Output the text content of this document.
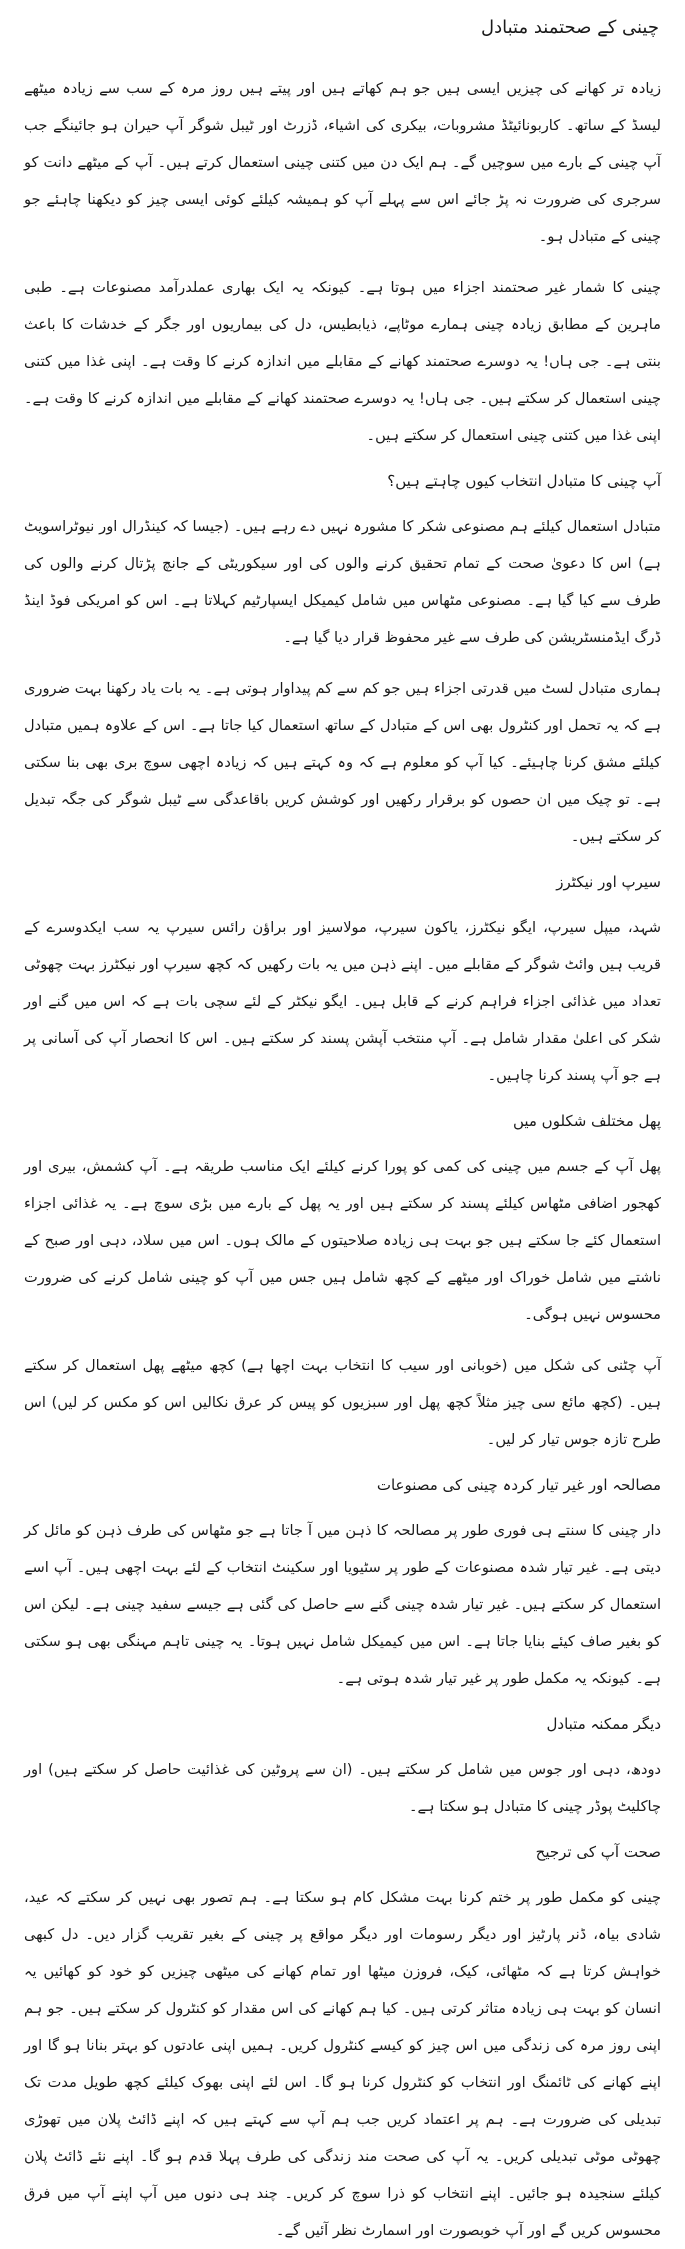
چینی کے صحتمند متبادل
زیادہ تر کھانے کی چیزیں ایسی ہیں جو ہم کھاتے ہیں اور پیتے ہیں روز مرہ کے سب سے زیادہ میٹھے لیسڈ کے ساتھ۔ کاربونائیٹڈ مشروبات، بیکری کی اشیاء، ڈزرٹ اور ٹیبل شوگر آپ حیران ہو جائینگے جب آپ چینی کے بارے میں سوچیں گے۔ ہم ایک دن میں کتنی چینی استعمال کرتے ہیں۔ آپ کے میٹھے دانت کو سرجری کی ضرورت نہ پڑ جائے اس سے پہلے آپ کو ہمیشہ کیلئے کوئی ایسی چیز کو دیکھنا چاہئے جو چینی کے متبادل ہو۔
چینی کا شمار غیر صحتمند اجزاء میں ہوتا ہے۔ کیونکہ یہ ایک بھاری عملدرآمد مصنوعات ہے۔ طبی ماہرین کے مطابق زیادہ چینی ہمارے موٹاپے، ذیابطیس، دل کی بیماریوں اور جگر کے خدشات کا باعث بنتی ہے۔ جی ہاں! یہ دوسرے صحتمند کھانے کے مقابلے میں اندازہ کرنے کا وقت ہے۔ اپنی غذا میں کتنی چینی استعمال کر سکتے ہیں۔ جی ہاں! یہ دوسرے صحتمند کھانے کے مقابلے میں اندازہ کرنے کا وقت ہے۔ اپنی غذا میں کتنی چینی استعمال کر سکتے ہیں۔
آپ چینی کا متبادل انتخاب کیوں چاہتے ہیں؟
متبادل استعمال کیلئے ہم مصنوعی شکر کا مشورہ نہیں دے رہے ہیں۔ (جیسا کہ کینڈرال اور نیوٹراسویٹ ہے) اس کا دعویٰ صحت کے تمام تحقیق کرنے والوں کی اور سیکوریٹی کے جانچ پڑتال کرنے والوں کی طرف سے کیا گیا ہے۔ مصنوعی مٹھاس میں شامل کیمیکل ایسپارٹیم کہلاتا ہے۔ اس کو امریکی فوڈ اینڈ ڈرگ ایڈمنسٹریشن کی طرف سے غیر محفوظ قرار دیا گیا ہے۔
ہماری متبادل لسٹ میں قدرتی اجزاء ہیں جو کم سے کم پیداوار ہوتی ہے۔ یہ بات یاد رکھنا بہت ضروری ہے کہ یہ تحمل اور کنٹرول بھی اس کے متبادل کے ساتھ استعمال کیا جاتا ہے۔ اس کے علاوہ ہمیں متبادل کیلئے مشق کرنا چاہیئے۔ کیا آپ کو معلوم ہے کہ وہ کہتے ہیں کہ زیادہ اچھی سوچ بری بھی بنا سکتی ہے۔ تو چیک میں ان حصوں کو برقرار رکھیں اور کوشش کریں باقاعدگی سے ٹیبل شوگر کی جگہ تبدیل کر سکتے ہیں۔
سیرپ اور نیکٹرز
شہد، میپل سیرپ، ایگو نیکٹرز، یاکون سیرپ، مولاسیز اور براؤن رائس سیرپ یہ سب ایکدوسرے کے قریب ہیں وائٹ شوگر کے مقابلے میں۔ اپنے ذہن میں یہ بات رکھیں کہ کچھ سیرپ اور نیکٹرز بہت چھوٹی تعداد میں غذائی اجزاء فراہم کرنے کے قابل ہیں۔ ایگو نیکٹر کے لئے سچی بات ہے کہ اس میں گنے اور شکر کی اعلیٰ مقدار شامل ہے۔ آپ منتخب آپشن پسند کر سکتے ہیں۔ اس کا انحصار آپ کی آسانی پر ہے جو آپ پسند کرنا چاہیں۔
پھل مختلف شکلوں میں
پھل آپ کے جسم میں چینی کی کمی کو پورا کرنے کیلئے ایک مناسب طریقہ ہے۔ آپ کشمش، بیری اور کھجور اضافی مٹھاس کیلئے پسند کر سکتے ہیں اور یہ پھل کے بارے میں بڑی سوچ ہے۔ یہ غذائی اجزاء استعمال کئے جا سکتے ہیں جو بہت ہی زیادہ صلاحیتوں کے مالک ہوں۔ اس میں سلاد، دہی اور صبح کے ناشتے میں شامل خوراک اور میٹھے کے کچھ شامل ہیں جس میں آپ کو چینی شامل کرنے کی ضرورت محسوس نہیں ہوگی۔
آپ چٹنی کی شکل میں (خوبانی اور سیب کا انتخاب بہت اچھا ہے) کچھ میٹھے پھل استعمال کر سکتے ہیں۔ (کچھ مائع سی چیز مثلاً کچھ پھل اور سبزیوں کو پیس کر عرق نکالیں اس کو مکس کر لیں) اس طرح تازہ جوس تیار کر لیں۔
مصالحہ اور غیر تیار کردہ چینی کی مصنوعات
دار چینی کا سنتے ہی فوری طور پر مصالحہ کا ذہن میں آ جاتا ہے جو مٹھاس کی طرف ذہن کو مائل کر دیتی ہے۔ غیر تیار شدہ مصنوعات کے طور پر سٹیویا اور سکینٹ انتخاب کے لئے بہت اچھی ہیں۔ آپ اسے استعمال کر سکتے ہیں۔ غیر تیار شدہ چینی گنے سے حاصل کی گئی ہے جیسے سفید چینی ہے۔ لیکن اس کو بغیر صاف کیئے بنایا جاتا ہے۔ اس میں کیمیکل شامل نہیں ہوتا۔ یہ چینی تاہم مہنگی بھی ہو سکتی ہے۔ کیونکہ یہ مکمل طور پر غیر تیار شدہ ہوتی ہے۔
دیگر ممکنہ متبادل
دودھ، دہی اور جوس میں شامل کر سکتے ہیں۔ (ان سے پروٹین کی غذائیت حاصل کر سکتے ہیں) اور چاکلیٹ پوڈر چینی کا متبادل ہو سکتا ہے۔
صحت آپ کی ترجیح
چینی کو مکمل طور پر ختم کرنا بہت مشکل کام ہو سکتا ہے۔ ہم تصور بھی نہیں کر سکتے کہ عید، شادی بیاہ، ڈنر پارٹیز اور دیگر رسومات اور دیگر مواقع پر چینی کے بغیر تقریب گزار دیں۔ دل کبھی خواہش کرتا ہے کہ مٹھائی، کیک، فروزن میٹھا اور تمام کھانے کی میٹھی چیزیں کو خود کو کھائیں یہ انسان کو بہت ہی زیادہ متاثر کرتی ہیں۔ کیا ہم کھانے کی اس مقدار کو کنٹرول کر سکتے ہیں۔ جو ہم اپنی روز مرہ کی زندگی میں اس چیز کو کیسے کنٹرول کریں۔ ہمیں اپنی عادتوں کو بہتر بنانا ہو گا اور اپنے کھانے کی ٹائمنگ اور انتخاب کو کنٹرول کرنا ہو گا۔ اس لئے اپنی بھوک کیلئے کچھ طویل مدت تک تبدیلی کی ضرورت ہے۔ ہم پر اعتماد کریں جب ہم آپ سے کہتے ہیں کہ اپنے ڈائٹ پلان میں تھوڑی چھوٹی موٹی تبدیلی کریں۔ یہ آپ کی صحت مند زندگی کی طرف پہلا قدم ہو گا۔ اپنے نئے ڈائٹ پلان کیلئے سنجیدہ ہو جائیں۔ اپنے انتخاب کو ذرا سوچ کر کریں۔ چند ہی دنوں میں آپ اپنے آپ میں فرق محسوس کریں گے اور آپ خوبصورت اور اسمارٹ نظر آئیں گے۔
